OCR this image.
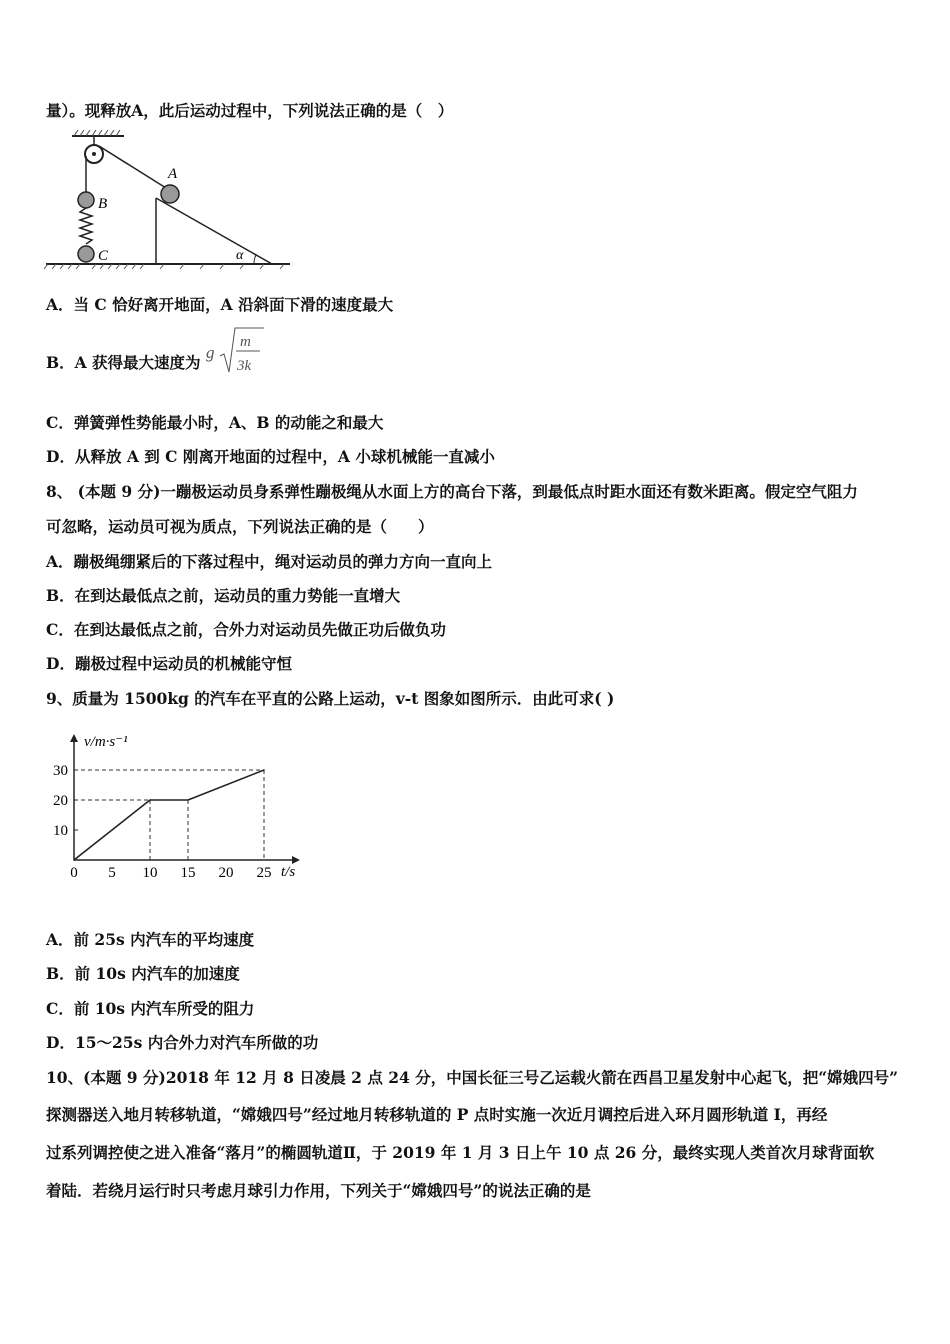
量）。现释放A，此后运动过程中，下列说法正确的是（　）
A
B
C	α
A．当 C 恰好离开地面，A 沿斜面下滑的速度最大
B．A 获得最大速度为
g
m
3k
C．弹簧弹性势能最小时，A、B 的动能之和最大
D．从释放 A 到 C 刚离开地面的过程中，A 小球机械能一直减小
8、 (本题 9 分)一蹦极运动员身系弹性蹦极绳从水面上方的高台下落，到最低点时距水面还有数米距离。假定空气阻力
可忽略，运动员可视为质点，下列说法正确的是（　　）
A．蹦极绳绷紧后的下落过程中，绳对运动员的弹力方向一直向上
B．在到达最低点之前，运动员的重力势能一直增大
C．在到达最低点之前，合外力对运动员先做正功后做负功
D．蹦极过程中运动员的机械能守恒
9、质量为 1500kg 的汽车在平直的公路上运动，v-t 图象如图所示．由此可求( )
0 5 10 15 20 25
10
20
30
v/m·s⁻¹
t/s
A．前 25s 内汽车的平均速度
B．前 10s 内汽车的加速度
C．前 10s 内汽车所受的阻力
D．15～25s 内合外力对汽车所做的功
10、(本题 9 分)2018 年 12 月 8 日凌晨 2 点 24 分，中国长征三号乙运载火箭在西昌卫星发射中心起飞，把“嫦娥四号”
探测器送入地月转移轨道，“嫦娥四号”经过地月转移轨道的 P 点时实施一次近月调控后进入环月圆形轨道 I，再经
过系列调控使之进入准备“落月”的椭圆轨道Ⅱ，于 2019 年 1 月 3 日上午 10 点 26 分，最终实现人类首次月球背面软
着陆．若绕月运行时只考虑月球引力作用，下列关于“嫦娥四号”的说法正确的是
